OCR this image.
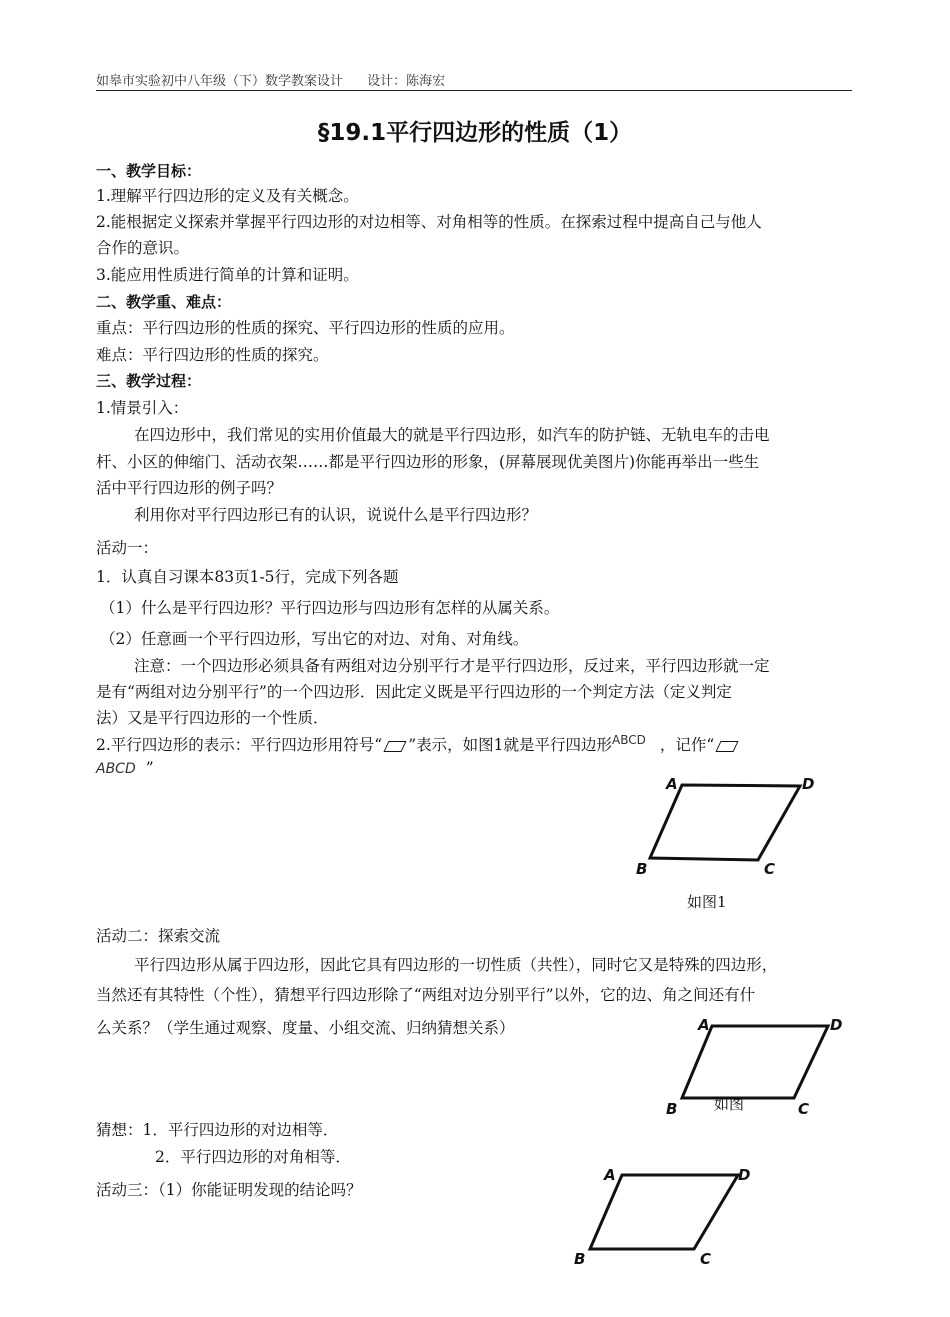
如皋市实验初中八年级（下）数学教案设计 设计：陈海宏
§19.1平行四边形的性质（1）
一、教学目标：
1.理解平行四边形的定义及有关概念。
2.能根据定义探索并掌握平行四边形的对边相等、对角相等的性质。在探索过程中提高自己与他人
合作的意识。
3.能应用性质进行简单的计算和证明。
二、教学重、难点：
重点：平行四边形的性质的探究、平行四边形的性质的应用。
难点：平行四边形的性质的探究。
三、教学过程：
1.情景引入：
在四边形中，我们常见的实用价值最大的就是平行四边形，如汽车的防护链、无轨电车的击电
杆、小区的伸缩门、活动衣架……都是平行四边形的形象，(屏幕展现优美图片)你能再举出一些生
活中平行四边形的例子吗？
利用你对平行四边形已有的认识，说说什么是平行四边形？
活动一：
1．认真自习课本83页1-5行，完成下列各题
（1）什么是平行四边形？平行四边形与四边形有怎样的从属关系。
（2）任意画一个平行四边形，写出它的对边、对角、对角线。
注意：一个四边形必须具备有两组对边分别平行才是平行四边形，反过来，平行四边形就一定
是有“两组对边分别平行”的一个四边形．因此定义既是平行四边形的一个判定方法（定义判定
法）又是平行四边形的一个性质．
2.平行四边形的表示：平行四边形用符号“ ”表示，如图1就是平行四边形$^{ABCD}$ ，记作“
ABCD ”
A	D
B	C
如图1
活动二：探索交流
平行四边形从属于四边形，因此它具有四边形的一切性质（共性），同时它又是特殊的四边形，
当然还有其特性（个性），猜想平行四边形除了“两组对边分别平行”以外，它的边、角之间还有什
么关系？（学生通过观察、度量、小组交流、归纳猜想关系）	A	D
B	C
如图
猜想：1．平行四边形的对边相等．
2．平行四边形的对角相等．
活动三：（1）你能证明发现的结论吗？
A	D
B	C
